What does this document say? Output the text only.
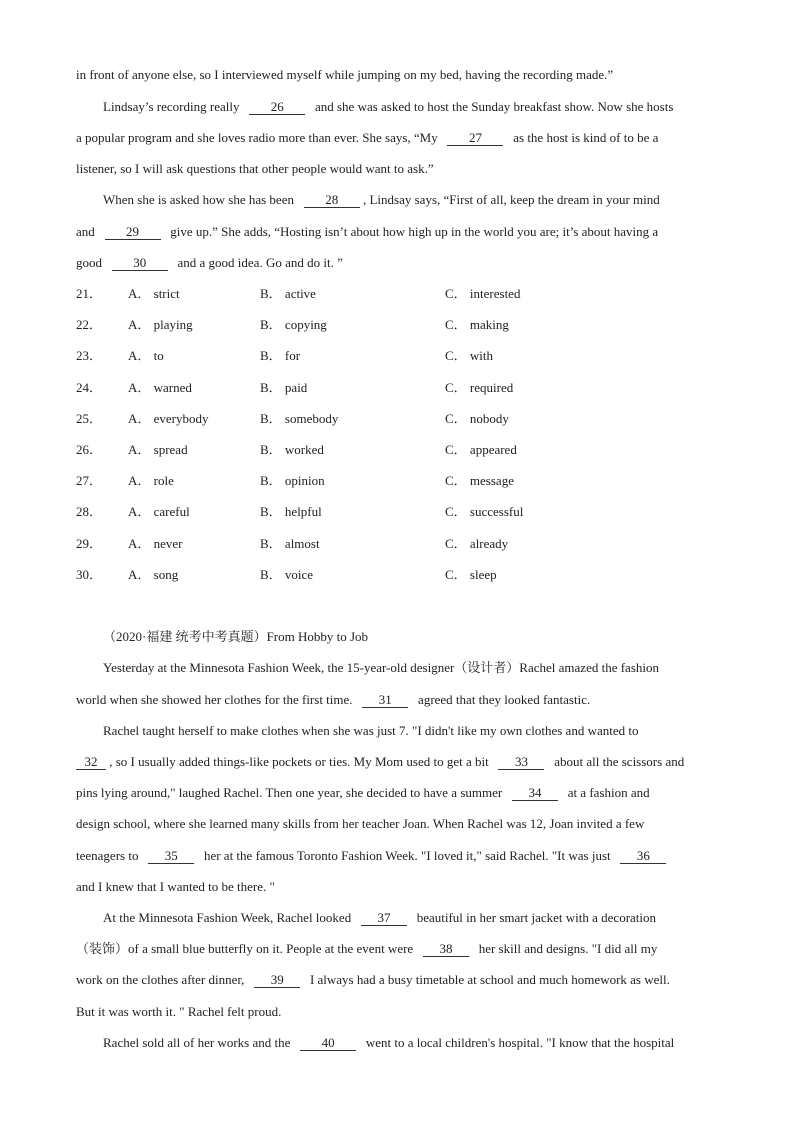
in front of anyone else, so I interviewed myself while jumping on my bed, having the recording made.”
Lindsay’s recording really 26 and she was asked to host the Sunday breakfast show. Now she hosts
a popular program and she loves radio more than ever. She says, “My 27 as the host is kind of to be a
listener, so I will ask questions that other people would want to ask.”
When she is asked how she has been 28 , Lindsay says, “First of all, keep the dream in your mind
and 29 give up.” She adds, “Hosting isn’t about how high up in the world you are; it’s about having a
good 30 and a good idea. Go and do it. ”
21． A． strict	B． active	C． interested
22． A． playing	B． copying	C． making
23． A． to	B． for	C． with
24． A． warned	B． paid	C． required
25． A． everybody	B． somebody	C． nobody
26． A． spread	B． worked	C． appeared
27． A． role	B． opinion	C． message
28． A． careful	B． helpful	C． successful
29． A． never	B． almost	C． already
30． A． song	B． voice	C． sleep
（2020·福建 统考中考真题）From Hobby to Job
Yesterday at the Minnesota Fashion Week, the 15-year-old designer（设计者）Rachel amazed the fashion
world when she showed her clothes for the first time. 31 agreed that they looked fantastic.
Rachel taught herself to make clothes when she was just 7. "I didn't like my own clothes and wanted to
32 , so I usually added things-like pockets or ties. My Mom used to get a bit 33 about all the scissors and
pins lying around," laughed Rachel. Then one year, she decided to have a summer 34 at a fashion and
design school, where she learned many skills from her teacher Joan. When Rachel was 12, Joan invited a few
teenagers to 35 her at the famous Toronto Fashion Week. "I loved it," said Rachel. "It was just 36
and I knew that I wanted to be there. "
At the Minnesota Fashion Week, Rachel looked 37 beautiful in her smart jacket with a decoration
（装饰）of a small blue butterfly on it. People at the event were 38 her skill and designs. "I did all my
work on the clothes after dinner, 39 I always had a busy timetable at school and much homework as well.
But it was worth it. " Rachel felt proud.
Rachel sold all of her works and the 40 went to a local children's hospital. "I know that the hospital
